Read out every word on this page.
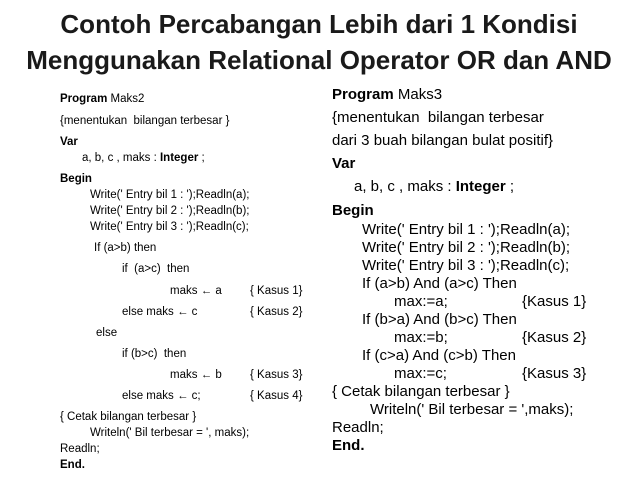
Contoh Percabangan Lebih dari 1 Kondisi
Menggunakan Relational Operator OR dan AND
Program Maks2
{menentukan  bilangan terbesar }
Var
a, b, c , maks : Integer ;
Begin
Write(' Entry bil 1 : ');Readln(a);
Write(' Entry bil 2 : ');Readln(b);
Write(' Entry bil 3 : ');Readln(c);
If (a>b) then
if  (a>c)  then
maks ← a { Kasus 1}
else maks ← c	{ Kasus 2}
else
if (b>c)  then
maks ← b { Kasus 3}
else maks ← c;	{ Kasus 4}
{ Cetak bilangan terbesar }
Writeln(' Bil terbesar = ', maks);
Readln;
End.
Program Maks3
{menentukan  bilangan terbesar
dari 3 buah bilangan bulat positif}
Var
a, b, c , maks : Integer ;
Begin
Write(' Entry bil 1 : ');Readln(a);
Write(' Entry bil 2 : ');Readln(b);
Write(' Entry bil 3 : ');Readln(c);
If (a>b) And (a>c) Then
max:=a;	{Kasus 1}
If (b>a) And (b>c) Then
max:=b;	{Kasus 2}
If (c>a) And (c>b) Then
max:=c;	{Kasus 3}
{ Cetak bilangan terbesar }
Writeln(' Bil terbesar = ',maks);
Readln;
End.
